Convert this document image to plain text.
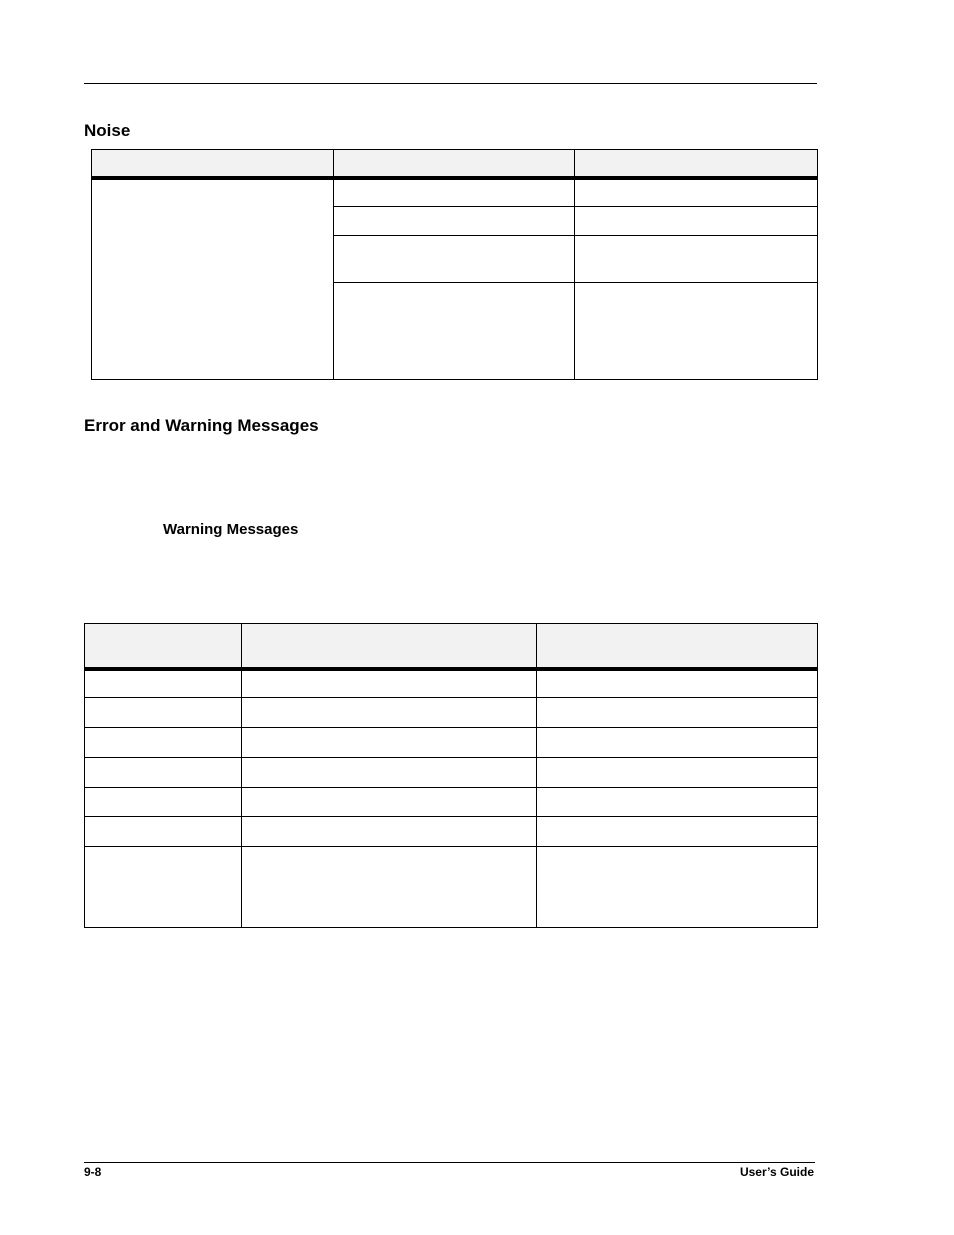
Noise

Error and Warning Messages
Warning Messages

9-8	User’s Guide
